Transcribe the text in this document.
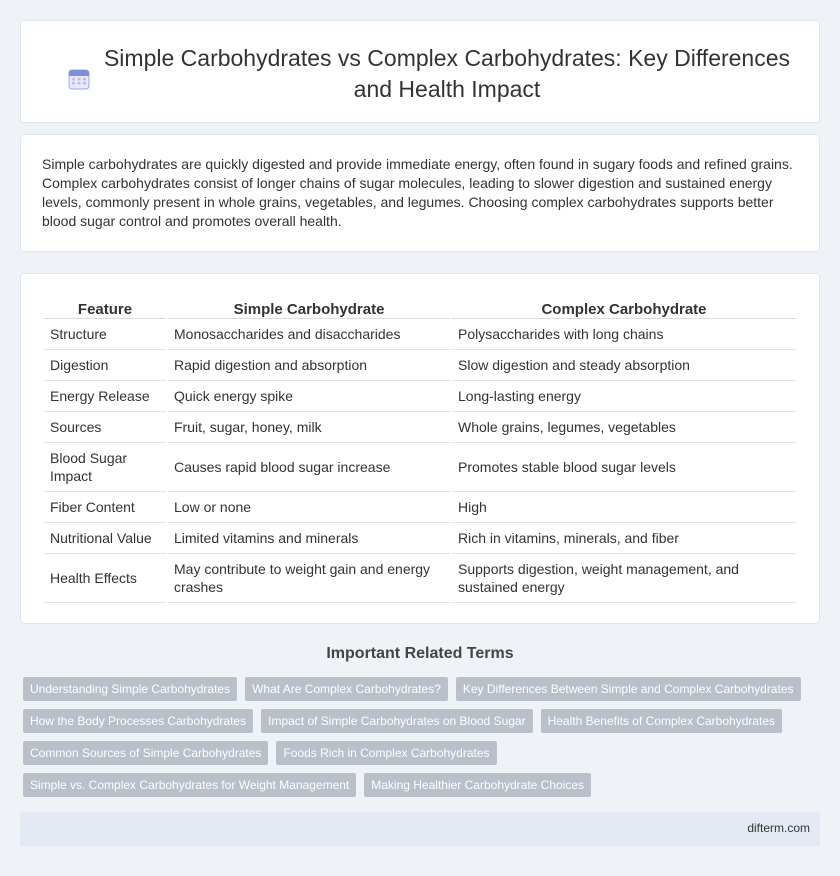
Simple Carbohydrates vs Complex Carbohydrates: Key Differences and Health Impact

Simple carbohydrates are quickly digested and provide immediate energy, often found in sugary foods and refined grains. Complex carbohydrates consist of longer chains of sugar molecules, leading to slower digestion and sustained energy levels, commonly present in whole grains, vegetables, and legumes. Choosing complex carbohydrates supports better blood sugar control and promotes overall health.

Feature	Simple Carbohydrate	Complex Carbohydrate
Structure	Monosaccharides and disaccharides	Polysaccharides with long chains
Digestion	Rapid digestion and absorption	Slow digestion and steady absorption
Energy Release	Quick energy spike	Long-lasting energy
Sources	Fruit, sugar, honey, milk	Whole grains, legumes, vegetables
Blood Sugar Impact	Causes rapid blood sugar increase	Promotes stable blood sugar levels
Fiber Content	Low or none	High
Nutritional Value	Limited vitamins and minerals	Rich in vitamins, minerals, and fiber
Health Effects	May contribute to weight gain and energy crashes	Supports digestion, weight management, and sustained energy
Important Related Terms
Understanding Simple Carbohydrates	What Are Complex Carbohydrates?	Key Differences Between Simple and Complex Carbohydrates
How the Body Processes Carbohydrates	Impact of Simple Carbohydrates on Blood Sugar	Health Benefits of Complex Carbohydrates
Common Sources of Simple Carbohydrates	Foods Rich in Complex Carbohydrates
Simple vs. Complex Carbohydrates for Weight Management	Making Healthier Carbohydrate Choices
difterm.com
